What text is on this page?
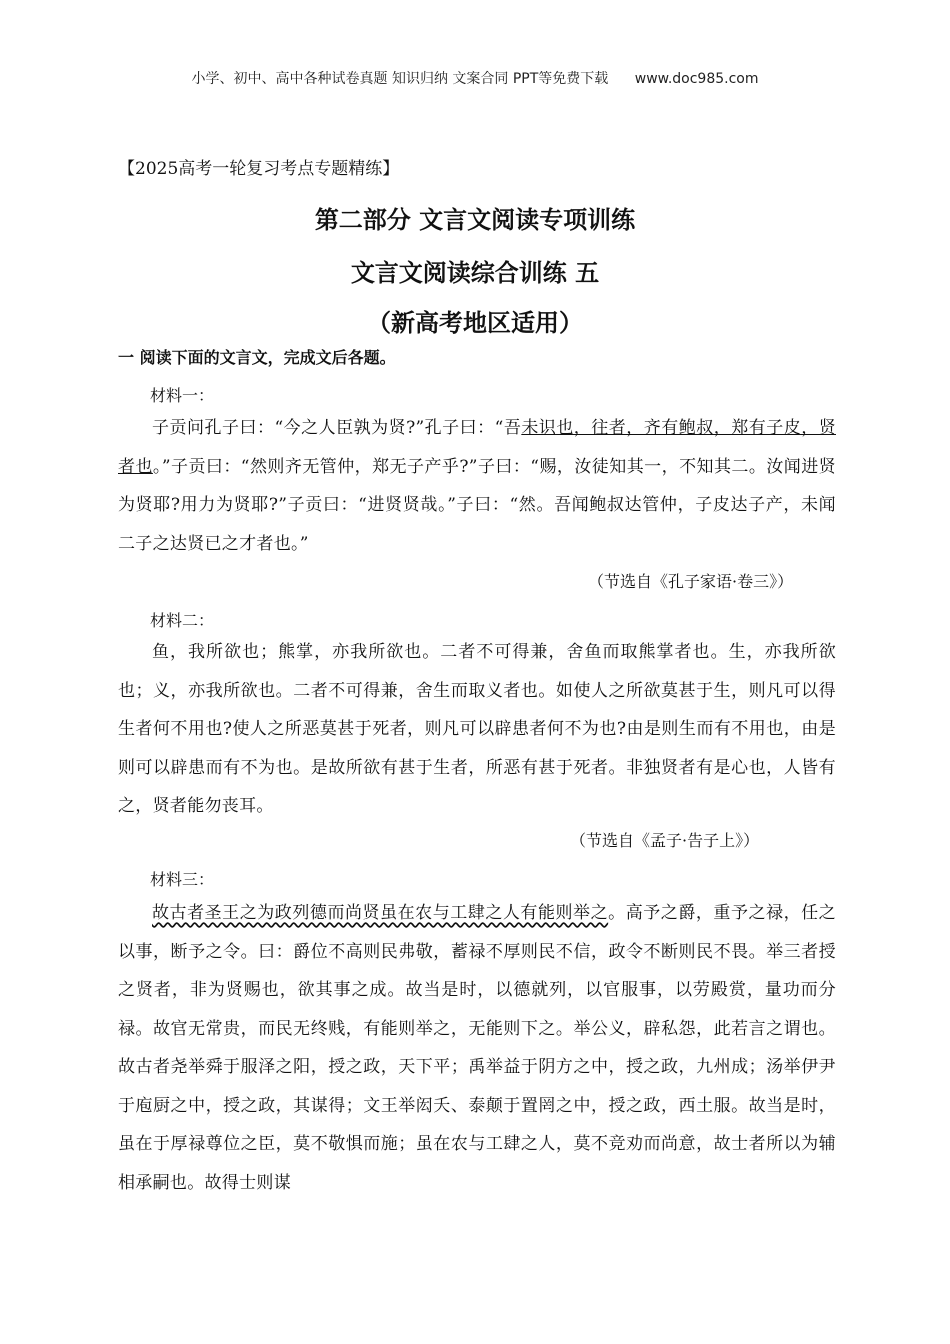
小学、初中、高中各种试卷真题 知识归纳 文案合同 PPT等免费下载 www.doc985.com
【2025高考一轮复习考点专题精练】
第二部分 文言文阅读专项训练
文言文阅读综合训练 五
（新高考地区适用）
一 阅读下面的文言文，完成文后各题。
材料一：
子贡问孔子曰：“今之人臣孰为贤?”孔子曰：“吾未识也，往者，齐有鲍叔，郑有子皮，贤者也。”子贡曰：“然则齐无管仲，郑无子产乎?”子曰：“赐，汝徒知其一，不知其二。汝闻进贤为贤耶?用力为贤耶?”子贡曰：“进贤贤哉。”子曰：“然。吾闻鲍叔达管仲，子皮达子产，未闻二子之达贤已之才者也。”
（节选自《孔子家语·卷三》）
材料二：
鱼，我所欲也；熊掌，亦我所欲也。二者不可得兼，舍鱼而取熊掌者也。生，亦我所欲也；义，亦我所欲也。二者不可得兼，舍生而取义者也。如使人之所欲莫甚于生，则凡可以得生者何不用也?使人之所恶莫甚于死者，则凡可以辟患者何不为也?由是则生而有不用也，由是则可以辟患而有不为也。是故所欲有甚于生者，所恶有甚于死者。非独贤者有是心也，人皆有之，贤者能勿丧耳。
（节选自《孟子·告子上》）
材料三：
故古者圣王之为政列德而尚贤虽在农与工肆之人有能则举之。高予之爵，重予之禄，任之以事，断予之令。曰：爵位不高则民弗敬，蓄禄不厚则民不信，政令不断则民不畏。举三者授之贤者，非为贤赐也，欲其事之成。故当是时，以德就列，以官服事，以劳殿赏，量功而分禄。故官无常贵，而民无终贱，有能则举之，无能则下之。举公义，辟私怨，此若言之谓也。故古者尧举舜于服泽之阳，授之政，天下平；禹举益于阴方之中，授之政，九州成；汤举伊尹于庖厨之中，授之政，其谋得；文王举闳夭、泰颠于置罔之中，授之政，西土服。故当是时，虽在于厚禄尊位之臣，莫不敬惧而施；虽在农与工肆之人，莫不竞劝而尚意，故士者所以为辅相承嗣也。故得士则谋
